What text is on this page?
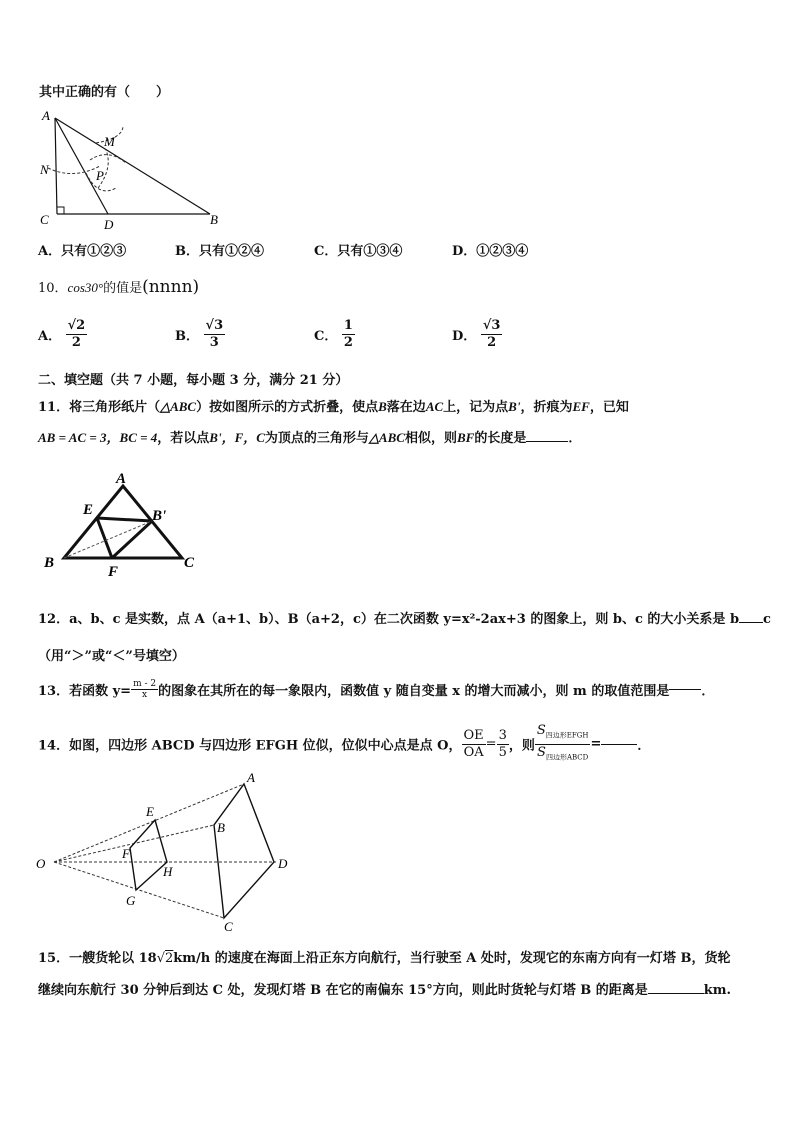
其中正确的有（　　）
A
M
N	P
C	D	B
A．只有①②③	B．只有①②④	C．只有①③④	D．①②③④
10．cos30°的值是(nnnn)
A． $\frac{√2}{2}$	B． $\frac{√3}{3}$	C． $\frac{1}{2}$	D． $\frac{√3}{2}$
二、填空题（共 7 小题，每小题 3 分，满分 21 分）
11．将三角形纸片（△ABC）按如图所示的方式折叠，使点B落在边AC上，记为点B'，折痕为EF，已知
AB = AC = 3，BC = 4，若以点B'，F，C为顶点的三角形与△ABC相似，则BF的长度是	．
A
E	B'
B
F
C
12．a、b、c 是实数，点 A（a+1、b）、B（a+2，c）在二次函数 y=x²-2ax+3 的图象上，则 b、c 的大小关系是 b c
（用“＞”或“＜”号填空）
13．若函数 $y= \frac{m - 2}{x}$ 的图象在其所在的每一象限内，函数值 y 随自变量 x 的增大而减小，则 m 的取值范围是 ．
14．如图，四边形 ABCD 与四边形 EFGH 位似，位似中心点是点 O， $\frac{OE}{OA} = \frac{3}{5}$ ，则 $\frac{S_{四边形EFGH}}{S_{四边形ABCD}}$ =	．
O
A
B
C
D
E
F
G
H
15．一艘货轮以 18√2km/h 的速度在海面上沿正东方向航行，当行驶至 A 处时，发现它的东南方向有一灯塔 B，货轮
继续向东航行 30 分钟后到达 C 处，发现灯塔 B 在它的南偏东 15°方向，则此时货轮与灯塔 B 的距离是	km.
